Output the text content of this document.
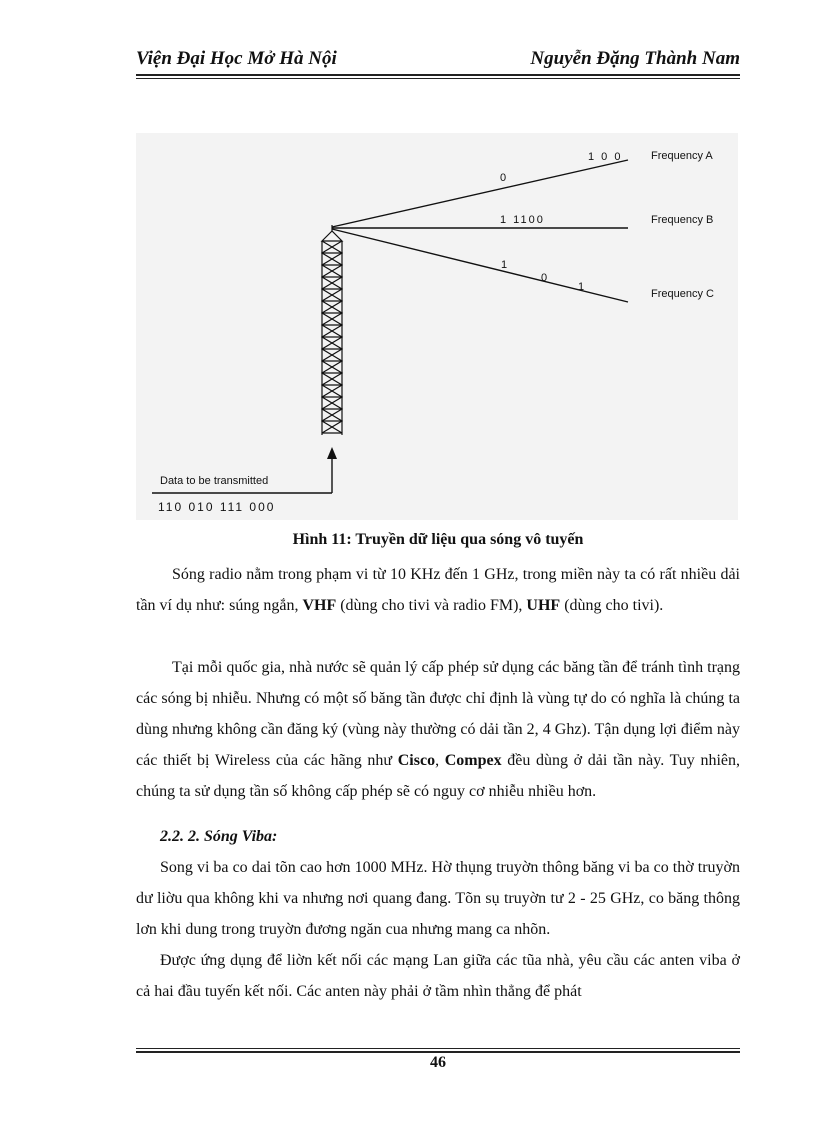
Viện Đại Học Mở Hà Nội	Nguyễn Đặng Thành Nam
Frequency A
Frequency B
Frequency C
0
1 0 0
1 1100
1
0
1
Data to be transmitted
110 010 111 000
Hình 11: Truyền dữ liệu qua sóng vô tuyến

Sóng radio nằm trong phạm vi từ 10 KHz đến 1 GHz, trong miền này ta có rất nhiều dải tần ví dụ như: súng ngắn, VHF (dùng cho tivi và radio FM), UHF (dùng cho tivi).

Tại mỗi quốc gia, nhà nước sẽ quản lý cấp phép sử dụng các băng tần để tránh tình trạng các sóng bị nhiễu. Nhưng có một số băng tần được chỉ định là vùng tự do có nghĩa là chúng ta dùng nhưng không cần đăng ký (vùng này thường có dải tần 2, 4 Ghz). Tận dụng lợi điểm này các thiết bị Wireless của các hãng như Cisco, Compex đều dùng ở dải tần này. Tuy nhiên, chúng ta sử dụng tần số không cấp phép sẽ có nguy cơ nhiễu nhiều hơn.

2.2. 2. Sóng Viba:

Song vi ba co dai tõn cao hơn 1000 MHz. Hờ thụng truyờn thông băng vi ba co thờ truyờn dư liờu qua không khi va nhưng nơi quang đang. Tõn sụ truyờn tư 2 - 25 GHz, co băng thông lơn khi dung trong truyờn đương ngăn cua nhưng mang ca nhõn.

Được ứng dụng để liờn kết nối các mạng Lan giữa các tũa nhà, yêu cầu các anten viba ở cả hai đầu tuyến kết nối. Các anten này phải ở tầm nhìn thẳng để phát

46
